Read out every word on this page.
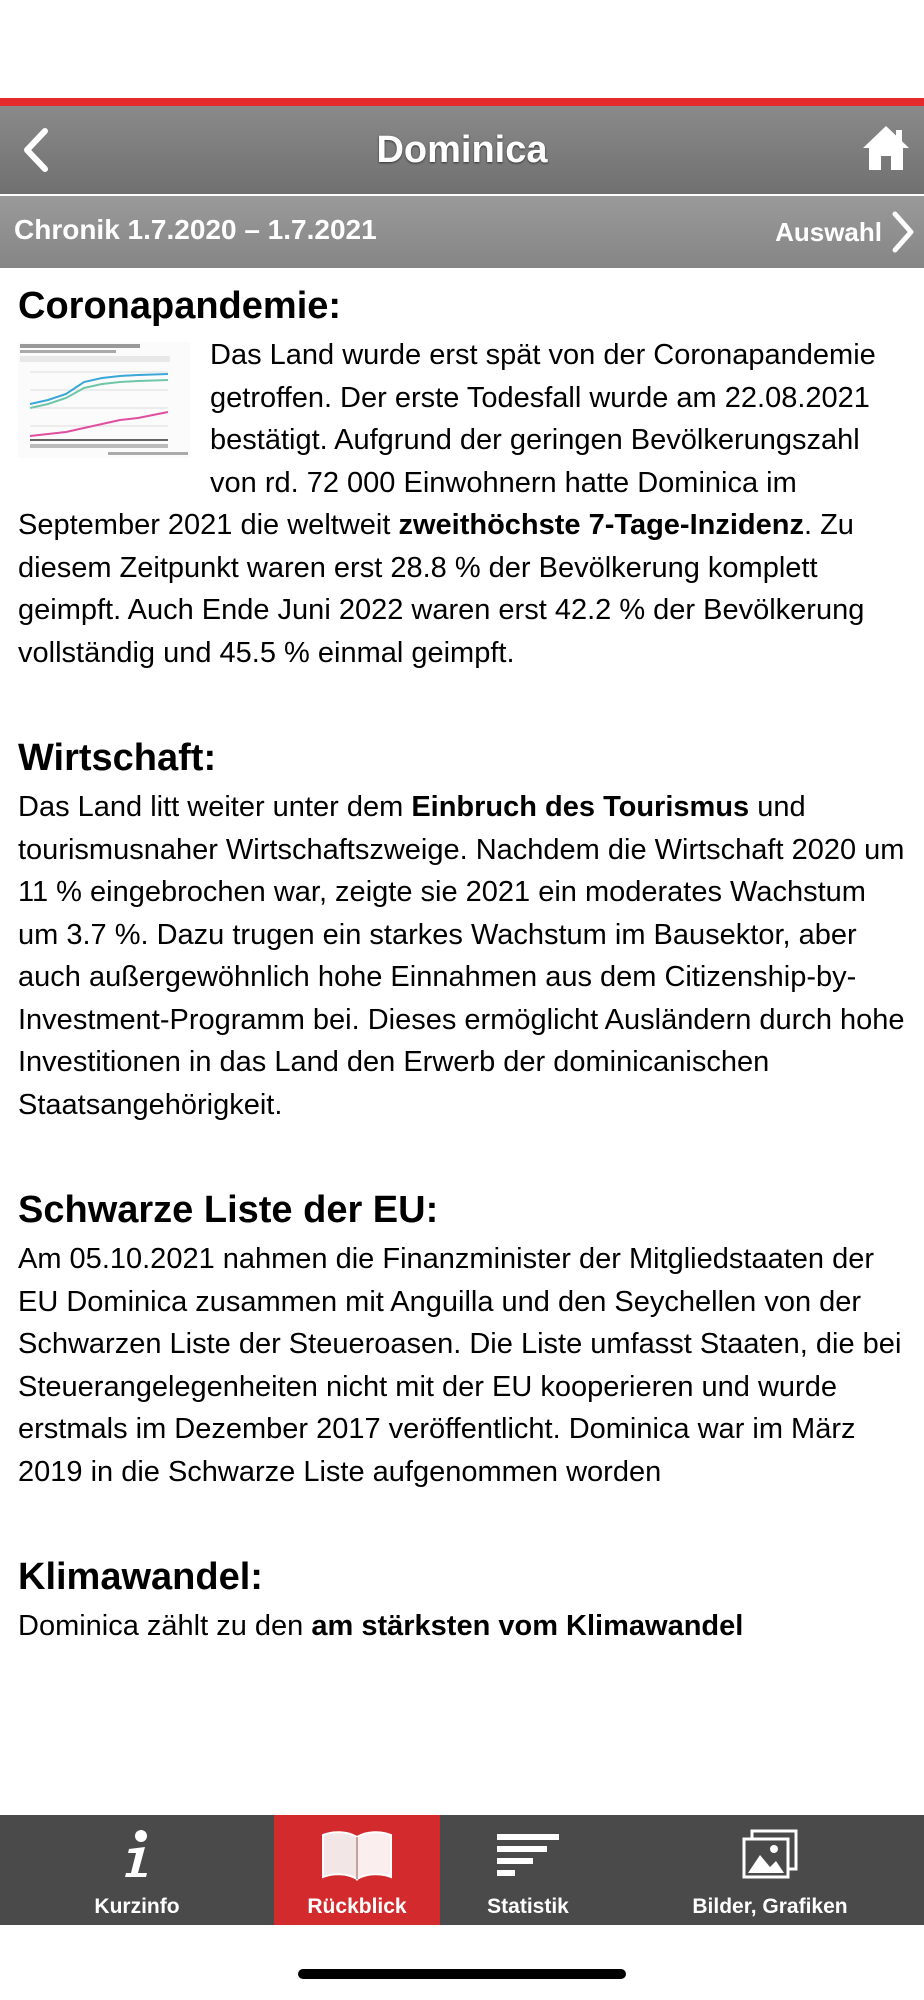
Dominica
Chronik 1.7.2020 – 1.7.2021	Auswahl
Coronapandemie:

Das Land wurde erst spät von der Coronapandemie getroffen. Der erste Todesfall wurde am 22.08.2021 bestätigt. Aufgrund der geringen Bevölkerungszahl von rd. 72 000 Einwohnern hatte Dominica im September 2021 die weltweit zweithöchste 7-Tage-Inzidenz. Zu diesem Zeitpunkt waren erst 28.8 % der Bevölkerung komplett geimpft. Auch Ende Juni 2022 waren erst 42.2 % der Bevölkerung vollständig und 45.5 % einmal geimpft.

Wirtschaft:

Das Land litt weiter unter dem Einbruch des Tourismus und tourismusnaher Wirtschaftszweige. Nachdem die Wirtschaft 2020 um 11 % eingebrochen war, zeigte sie 2021 ein moderates Wachstum um 3.7 %. Dazu trugen ein starkes Wachstum im Bausektor, aber auch außergewöhnlich hohe Einnahmen aus dem Citizenship-by-Investment-Programm bei. Dieses ermöglicht Ausländern durch hohe Investitionen in das Land den Erwerb der dominicanischen Staatsangehörigkeit.

Schwarze Liste der EU:

Am 05.10.2021 nahmen die Finanzminister der Mitgliedstaaten der EU Dominica zusammen mit Anguilla und den Seychellen von der Schwarzen Liste der Steueroasen. Die Liste umfasst Staaten, die bei Steuerangelegenheiten nicht mit der EU kooperieren und wurde erstmals im Dezember 2017 veröffentlicht. Dominica war im März 2019 in die Schwarze Liste aufgenommen worden

Klimawandel:

Dominica zählt zu den am stärksten vom Klimawandel

Kurzinfo	Rückblick	Statistik	Bilder, Grafiken
